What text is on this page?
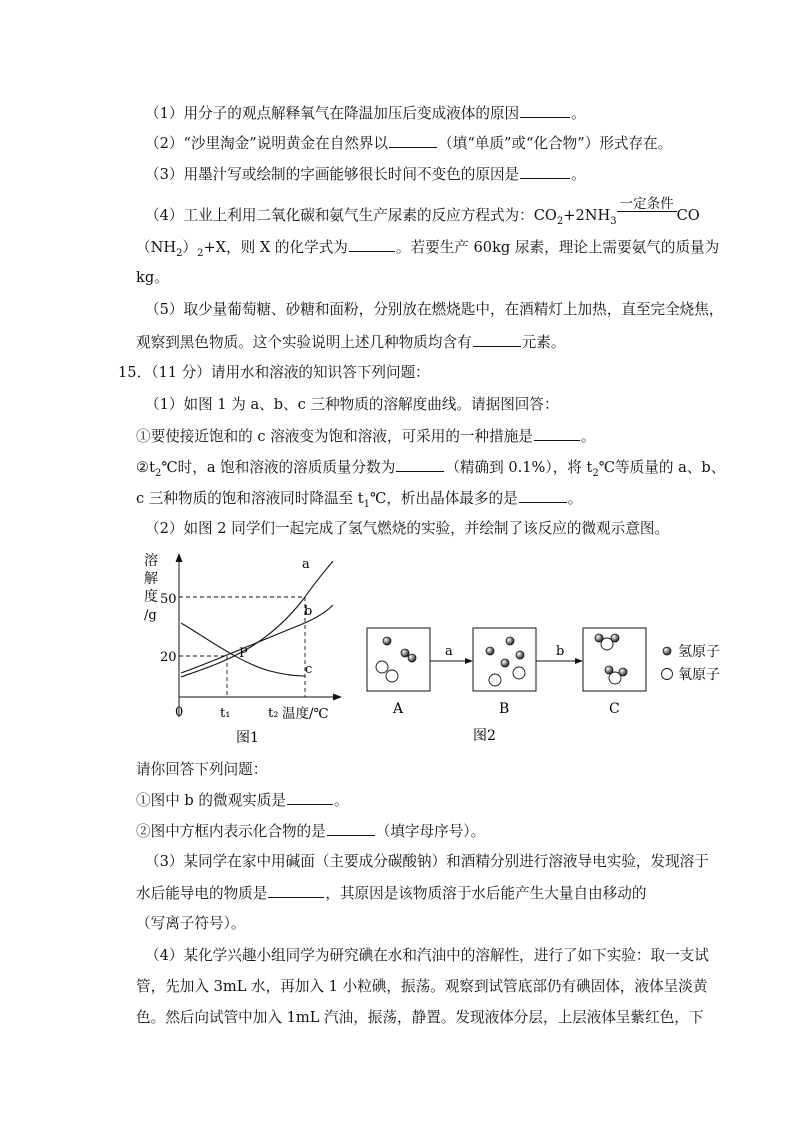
（1）用分子的观点解释氧气在降温加压后变成液体的原因	。
（2）“沙里淘金”说明黄金在自然界以	（填“单质”或“化合物”）形式存在。
（3）用墨汁写或绘制的字画能够很长时间不变色的原因是	。
（4）工业上利用二氧化碳和氨气生产尿素的反应方程式为：$CO_2+2NH_3$
一定条件
CO
$(NH_2)_2+X$，则 X 的化学式为	。若要生产 60kg 尿素，理论上需要氨气的质量为
kg。
（5）取少量葡萄糖、砂糖和面粉，分别放在燃烧匙中，在酒精灯上加热，直至完全烧焦，
观察到黑色物质。这个实验说明上述几种物质均含有	元素。
15．（11 分）请用水和溶液的知识答下列问题：
（1）如图 1 为 a、b、c 三种物质的溶解度曲线。请据图回答：
①要使接近饱和的 c 溶液变为饱和溶液，可采用的一种措施是	。
$②t_2℃$时，a 饱和溶液的溶质质量分数为	（精确到 0.1%），将 $t_2℃$等质量的 a、b、
c 三种物质的饱和溶液同时降温至 $t_1℃$，析出晶体最多的是	。
（2）如图 2 同学们一起完成了氢气燃烧的实验，并绘制了该反应的微观示意图。
溶
解
度
/g
50
20
0	t₁	t₂ 温度/℃
a
b
c
P
图1
A
a
B
b
C
氢原子
氧原子
图2
请你回答下列问题：
①图中 b 的微观实质是	。
②图中方框内表示化合物的是	（填字母序号）。
（3）某同学在家中用碱面（主要成分碳酸钠）和酒精分别进行溶液导电实验，发现溶于
水后能导电的物质是	，其原因是该物质溶于水后能产生大量自由移动的
（写离子符号）。
（4）某化学兴趣小组同学为研究碘在水和汽油中的溶解性，进行了如下实验：取一支试
管，先加入 3mL 水，再加入 1 小粒碘，振荡。观察到试管底部仍有碘固体，液体呈淡黄
色。然后向试管中加入 1mL 汽油，振荡，静置。发现液体分层，上层液体呈紫红色，下
